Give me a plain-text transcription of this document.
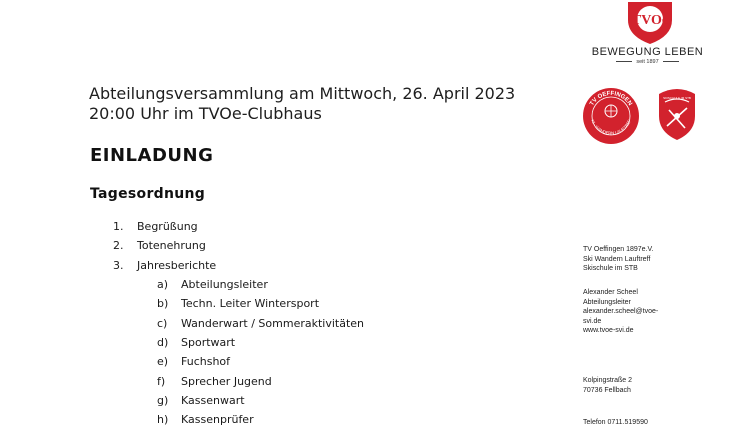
TVOe
BEWEGUNG LEBEN
seit 1897
TV OEFFINGEN
KI · WANDERN LAUFTREF
SKISCHULE IM STB
Abteilungsversammlung am Mittwoch, 26. April 2023
20:00 Uhr im TVOe-Clubhaus
EINLADUNG
Tagesordnung
1. Begrüßung
2. Totenehrung
3. Jahresberichte
a) Abteilungsleiter
b) Techn. Leiter Wintersport
c) Wanderwart / Sommeraktivitäten
d) Sportwart
e) Fuchshof
f) Sprecher Jugend
g) Kassenwart
h) Kassenprüfer
TV Oeffingen 1897e.V.
Ski Wandern Lauftreff
Skischule im STB
Alexander Scheel
Abteilungsleiter
alexander.scheel@tvoe-
svi.de
www.tvoe-svi.de
Kolpingstraße 2
70736 Fellbach
Telefon 0711.519590
